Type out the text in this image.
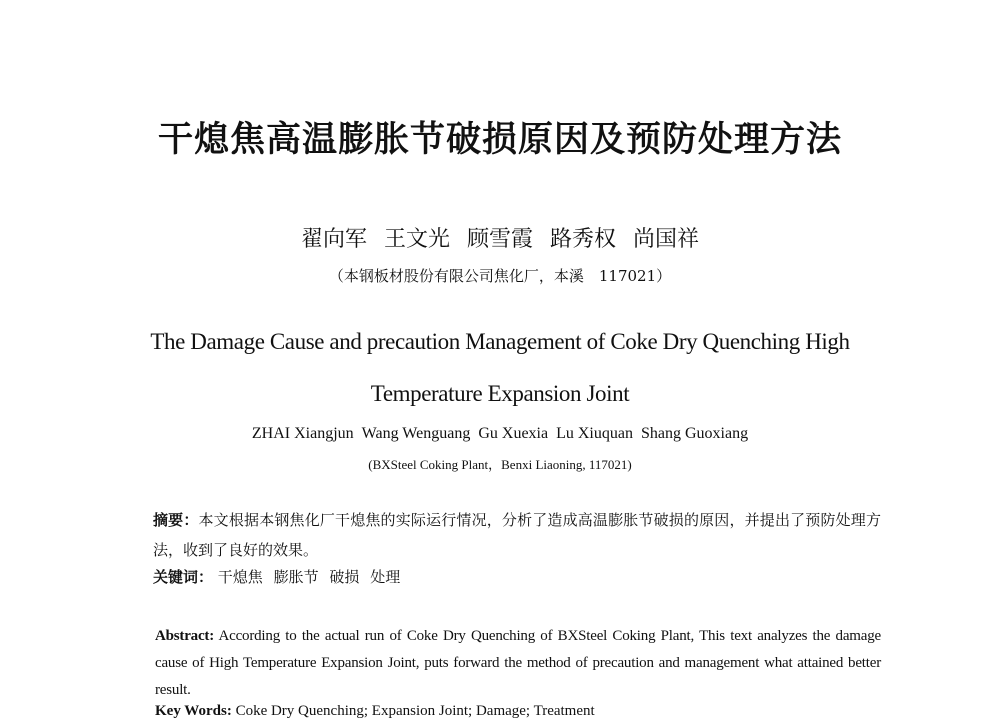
干熄焦高温膨胀节破损原因及预防处理方法
翟向军 王文光 顾雪霞 路秀权 尚国祥
（本钢板材股份有限公司焦化厂，本溪　117021）
The Damage Cause and precaution Management of Coke Dry Quenching High
Temperature Expansion Joint
ZHAI Xiangjun Wang Wenguang Gu Xuexia Lu Xiuquan Shang Guoxiang
(BXSteel Coking Plant，Benxi Liaoning, 117021)
摘要：本文根据本钢焦化厂干熄焦的实际运行情况，分析了造成高温膨胀节破损的原因，并提出了预防处理方法，收到了良好的效果。
关键词： 干熄焦 膨胀节 破损 处理
Abstract: According to the actual run of Coke Dry Quenching of BXSteel Coking Plant, This text analyzes the damage cause of High Temperature Expansion Joint, puts forward the method of precaution and management what attained better result.
Key Words: Coke Dry Quenching; Expansion Joint; Damage; Treatment
